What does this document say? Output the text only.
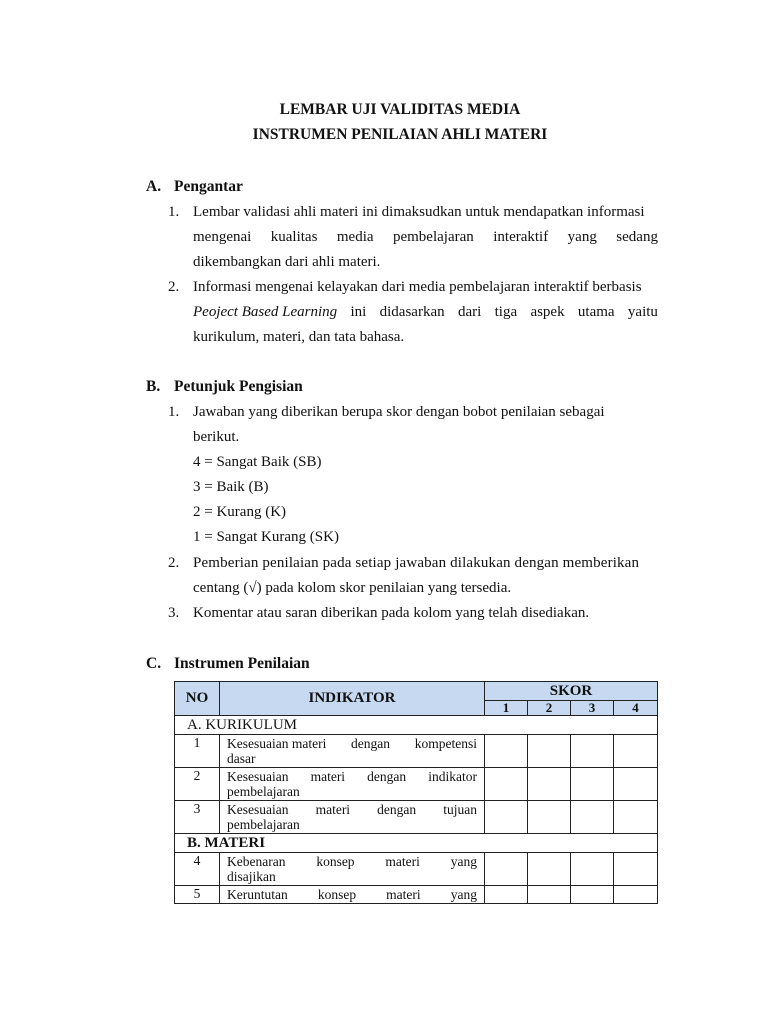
LEMBAR UJI VALIDITAS MEDIA
INSTRUMEN PENILAIAN AHLI MATERI
A. Pengantar
1. Lembar validasi ahli materi ini dimaksudkan untuk mendapatkan informasi
mengenai kualitas media pembelajaran interaktif yang sedang
dikembangkan dari ahli materi.
2. Informasi mengenai kelayakan dari media pembelajaran interaktif berbasis
Peoject Based Learning ini didasarkan dari tiga aspek utama yaitu
kurikulum, materi, dan tata bahasa.
B. Petunjuk Pengisian
1. Jawaban yang diberikan berupa skor dengan bobot penilaian sebagai
berikut.
4 = Sangat Baik (SB)
3 = Baik (B)
2 = Kurang (K)
1 = Sangat Kurang (SK)
2. Pemberian penilaian pada setiap jawaban dilakukan dengan memberikan
centang (√) pada kolom skor penilaian yang tersedia.
3. Komentar atau saran diberikan pada kolom yang telah disediakan.
C. Instrumen Penilaian
NO	INDIKATOR	SKOR			
		1	2	3	4
A. KURIKULUM					
1	Kesesuaian materi dengan kompetensi
dasar				

2	Kesesuaian materi dengan indikator
pembelajaran				

3	Kesesuaian materi dengan tujuan
pembelajaran				

B. MATERI					
4	Kebenaran konsep materi yang
disajikan				

5	Keruntutan konsep materi yang				
